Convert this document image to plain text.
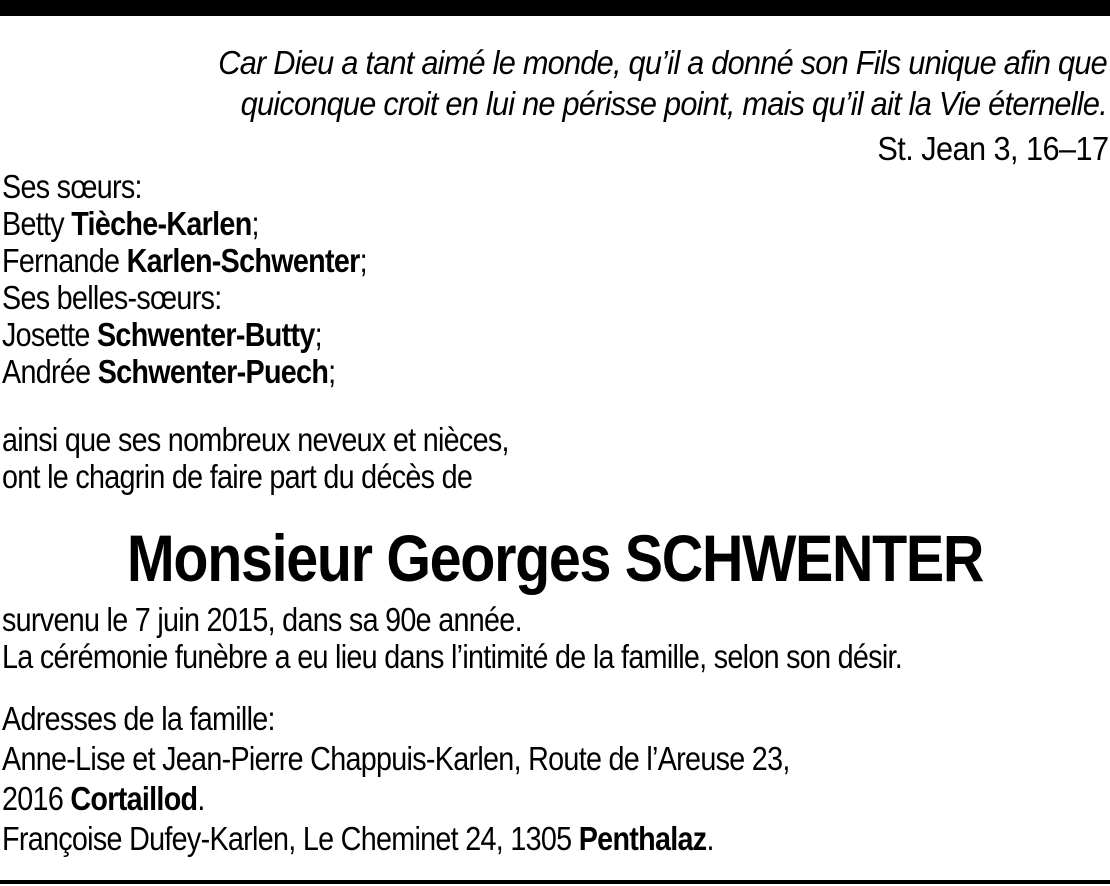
Car Dieu a tant aimé le monde, qu’il a donné son Fils unique afin que
quiconque croit en lui ne périsse point, mais qu’il ait la Vie éternelle.
St. Jean 3, 16–17
Ses sœurs:
Betty Tièche-Karlen;
Fernande Karlen-Schwenter;
Ses belles-sœurs:
Josette Schwenter-Butty;
Andrée Schwenter-Puech;
ainsi que ses nombreux neveux et nièces,
ont le chagrin de faire part du décès de
Monsieur Georges SCHWENTER
survenu le 7 juin 2015, dans sa 90e année.
La cérémonie funèbre a eu lieu dans l’intimité de la famille, selon son désir.
Adresses de la famille:
Anne-Lise et Jean-Pierre Chappuis-Karlen, Route de l’Areuse 23,
2016 Cortaillod.
Françoise Dufey-Karlen, Le Cheminet 24, 1305 Penthalaz.
